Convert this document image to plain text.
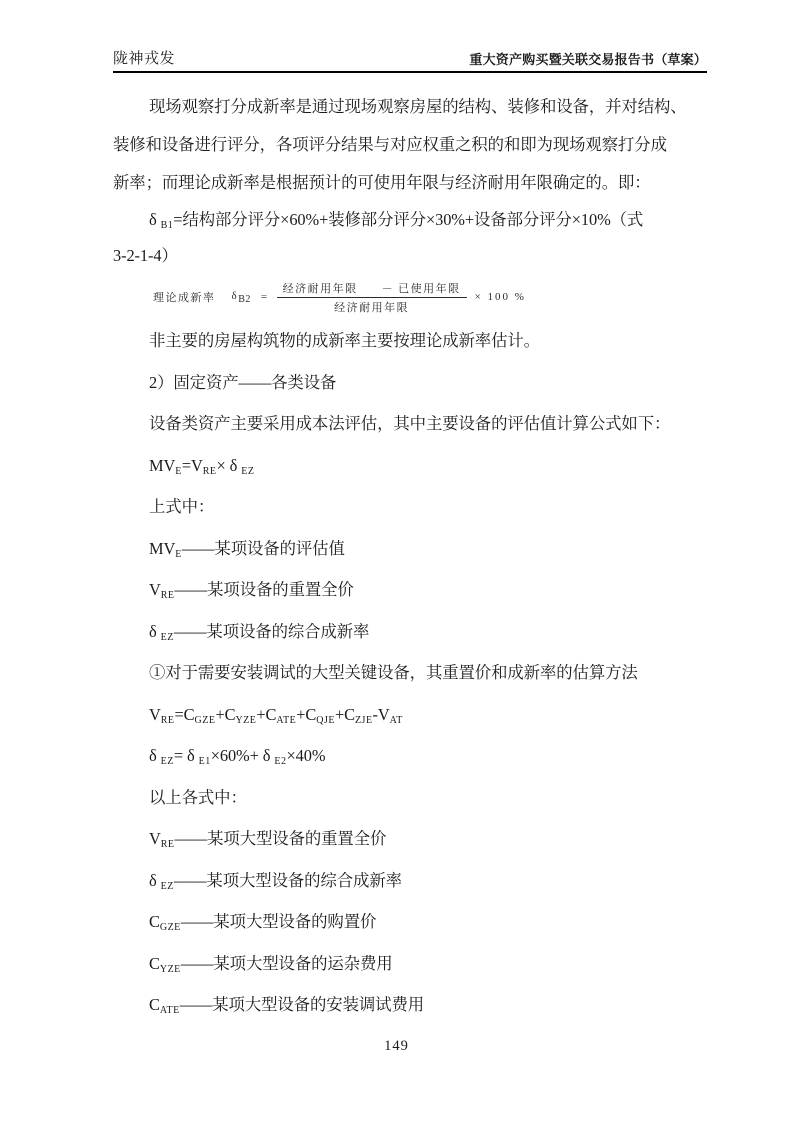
陇神戎发	重大资产购买暨关联交易报告书（草案）
现场观察打分成新率是通过现场观察房屋的结构、装修和设备，并对结构、
装修和设备进行评分，各项评分结果与对应权重之积的和即为现场观察打分成
新率；而理论成新率是根据预计的可使用年限与经济耐用年限确定的。即：
δ $_{B1}$=结构部分评分×60%+装修部分评分×30%+设备部分评分×10%（式
3-2-1-4）
理论成新率 $\delta B2 = \frac{\text{经济耐用年限 － 已使用年限}}{\text{经济耐用年限}} \times 100$ %
非主要的房屋构筑物的成新率主要按理论成新率估计。
2）固定资产——各类设备
设备类资产主要采用成本法评估，其中主要设备的评估值计算公式如下：
$MV_E=V_{RE}\times \delta$ $_{EZ}$
上式中：
$MV_E——$某项设备的评估值
$V_{RE}——$某项设备的重置全价
δ $_{EZ}$——某项设备的综合成新率
①对于需要安装调试的大型关键设备，其重置价和成新率的估算方法
$V_{RE}=C_{GZE}+C_{YZE}+C_{ATE}+C_{QJE}+C_{ZJE}-V_{AT}$
δ $_{EZ}$= δ $_{E1}$×60%+ δ $_{E2}$×40%
以上各式中：
$V_{RE}——$某项大型设备的重置全价
δ $_{EZ}$——某项大型设备的综合成新率
$C_{GZE}——$某项大型设备的购置价
$C_{YZE}——$某项大型设备的运杂费用
$C_{ATE}——$某项大型设备的安装调试费用
149
